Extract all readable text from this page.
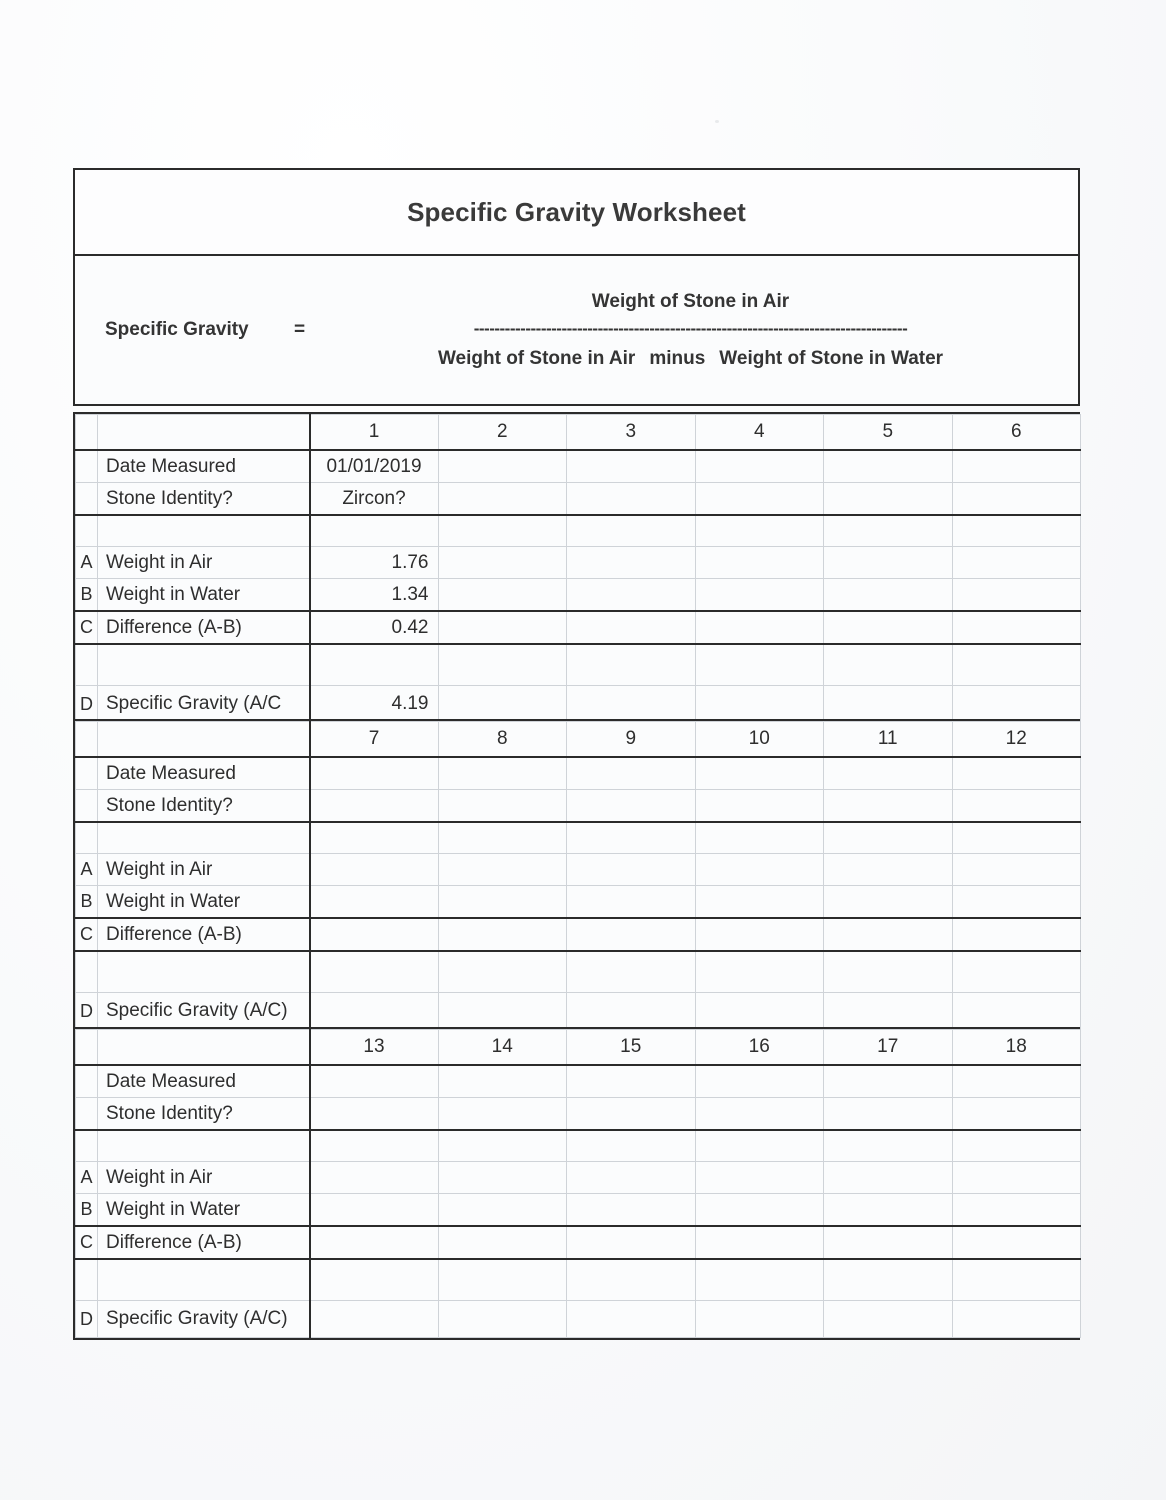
Specific Gravity Worksheet
Specific Gravity =
Weight of Stone in Air
------------------------------------------------------------------------------------
Weight of Stone in Air minus Weight of Stone in Water
		1	2	3	4	5	6
	Date Measured	01/01/2019					
	Stone Identity?	Zircon?					

A	Weight in Air	1.76					
B	Weight in Water	1.34					
C	Difference (A-B)	0.42					

D	Specific Gravity (A/C	4.19					
		7	8	9	10	11	12
	Date Measured						
	Stone Identity?						

A	Weight in Air						
B	Weight in Water						
C	Difference (A-B)						

D	Specific Gravity (A/C)						

		13	14	15	16	17	18
	Date Measured						
	Stone Identity?						

A	Weight in Air						
B	Weight in Water						
C	Difference (A-B)						

D	Specific Gravity (A/C)						
